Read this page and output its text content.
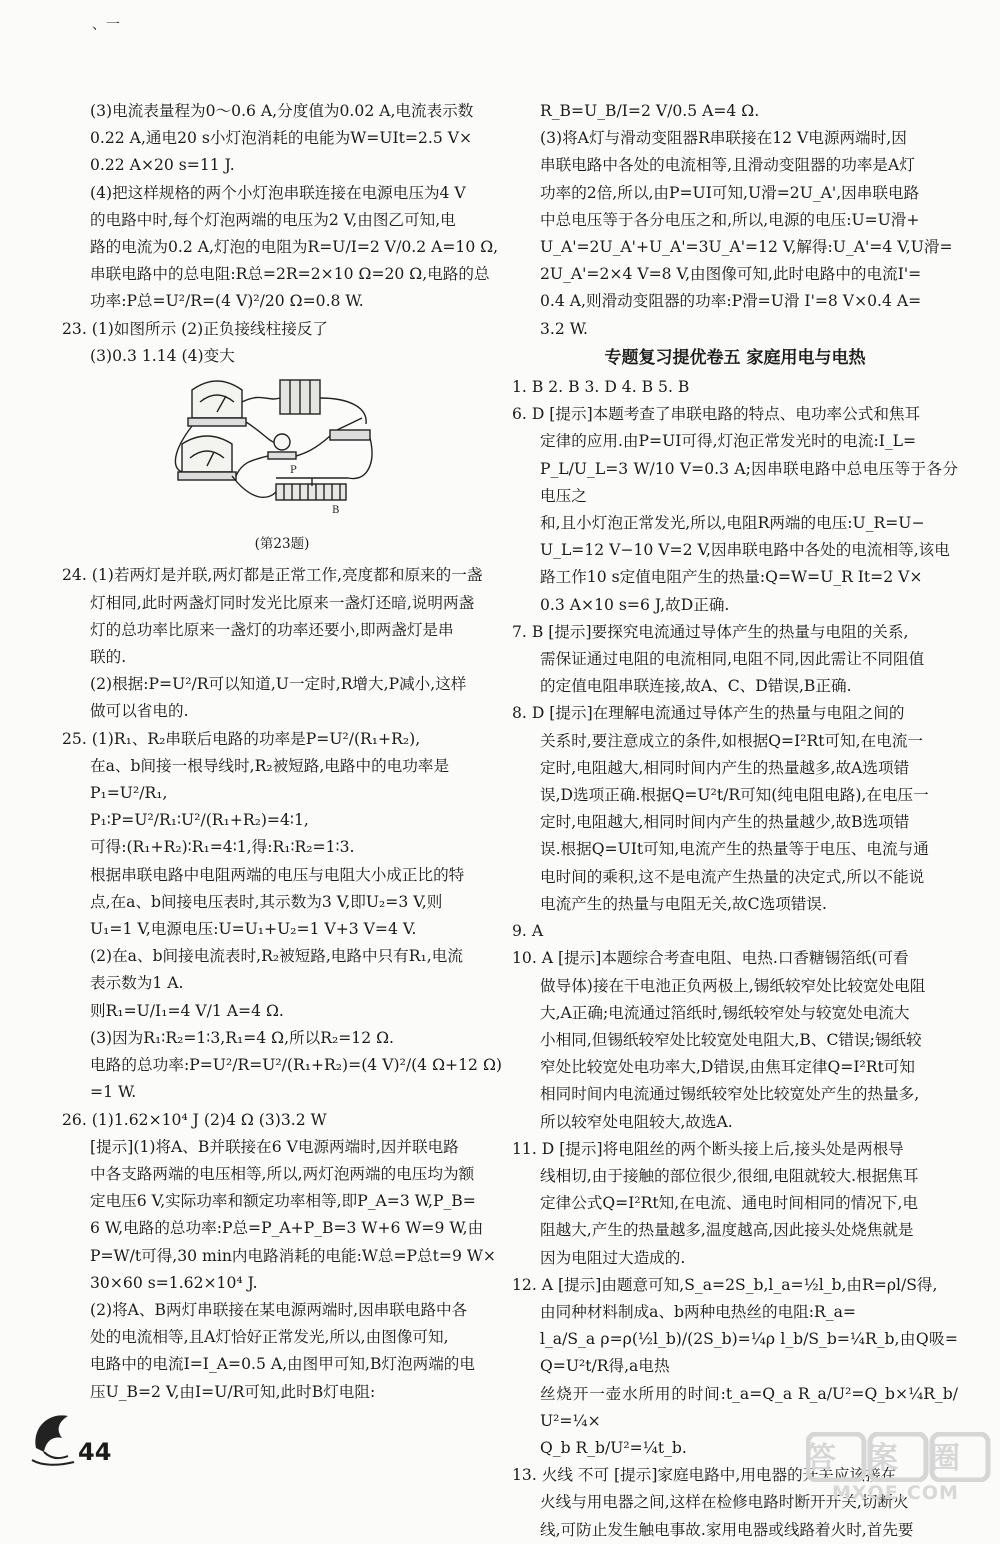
、一

(3)电流表量程为0～0.6 A,分度值为0.02 A,电流表示数

0.22 A,通电20 s小灯泡消耗的电能为W=UIt=2.5 V×

0.22 A×20 s=11 J.

(4)把这样规格的两个小灯泡串联连接在电源电压为4 V

的电路中时,每个灯泡两端的电压为2 V,由图乙可知,电

路的电流为0.2 A,灯泡的电阻为R=U/I=2 V/0.2 A=10 Ω,

串联电路中的总电阻:R总=2R=2×10 Ω=20 Ω,电路的总

功率:P总=U²/R=(4 V)²/20 Ω=0.8 W.

23. (1)如图所示 (2)正负接线柱接反了

(3)0.3 1.14 (4)变大

P
B

(第23题)

24. (1)若两灯是并联,两灯都是正常工作,亮度都和原来的一盏

灯相同,此时两盏灯同时发光比原来一盏灯还暗,说明两盏

灯的总功率比原来一盏灯的功率还要小,即两盏灯是串

联的.

(2)根据:P=U²/R可以知道,U一定时,R增大,P减小,这样

做可以省电的.

25. (1)R₁、R₂串联后电路的功率是P=U²/(R₁+R₂),

在a、b间接一根导线时,R₂被短路,电路中的电功率是

P₁=U²/R₁,

P₁∶P=U²/R₁∶U²/(R₁+R₂)=4∶1,

可得:(R₁+R₂)∶R₁=4∶1,得:R₁∶R₂=1∶3.

根据串联电路中电阻两端的电压与电阻大小成正比的特

点,在a、b间接电压表时,其示数为3 V,即U₂=3 V,则

U₁=1 V,电源电压:U=U₁+U₂=1 V+3 V=4 V.

(2)在a、b间接电流表时,R₂被短路,电路中只有R₁,电流

表示数为1 A.

则R₁=U/I₁=4 V/1 A=4 Ω.

(3)因为R₁∶R₂=1∶3,R₁=4 Ω,所以R₂=12 Ω.

电路的总功率:P=U²/R=U²/(R₁+R₂)=(4 V)²/(4 Ω+12 Ω)=1 W.

26. (1)1.62×10⁴ J (2)4 Ω (3)3.2 W

[提示](1)将A、B并联接在6 V电源两端时,因并联电路

中各支路两端的电压相等,所以,两灯泡两端的电压均为额

定电压6 V,实际功率和额定功率相等,即P_A=3 W,P_B=

6 W,电路的总功率:P总=P_A+P_B=3 W+6 W=9 W,由

P=W/t可得,30 min内电路消耗的电能:W总=P总t=9 W×

30×60 s=1.62×10⁴ J.

(2)将A、B两灯串联接在某电源两端时,因串联电路中各

处的电流相等,且A灯恰好正常发光,所以,由图像可知,

电路中的电流I=I_A=0.5 A,由图甲可知,B灯泡两端的电

压U_B=2 V,由I=U/R可知,此时B灯电阻:

R_B=U_B/I=2 V/0.5 A=4 Ω.

(3)将A灯与滑动变阻器R串联接在12 V电源两端时,因

串联电路中各处的电流相等,且滑动变阻器的功率是A灯

功率的2倍,所以,由P=UI可知,U滑=2U_A',因串联电路

中总电压等于各分电压之和,所以,电源的电压:U=U滑+

U_A'=2U_A'+U_A'=3U_A'=12 V,解得:U_A'=4 V,U滑=

2U_A'=2×4 V=8 V,由图像可知,此时电路中的电流I'=

0.4 A,则滑动变阻器的功率:P滑=U滑 I'=8 V×0.4 A=

3.2 W.

专题复习提优卷五 家庭用电与电热

1. B 2. B 3. D 4. B 5. B

6. D [提示]本题考查了串联电路的特点、电功率公式和焦耳

定律的应用.由P=UI可得,灯泡正常发光时的电流:I_L=

P_L/U_L=3 W/10 V=0.3 A;因串联电路中总电压等于各分电压之

和,且小灯泡正常发光,所以,电阻R两端的电压:U_R=U−

U_L=12 V−10 V=2 V,因串联电路中各处的电流相等,该电

路工作10 s定值电阻产生的热量:Q=W=U_R It=2 V×

0.3 A×10 s=6 J,故D正确.

7. B [提示]要探究电流通过导体产生的热量与电阻的关系,

需保证通过电阻的电流相同,电阻不同,因此需让不同阻值

的定值电阻串联连接,故A、C、D错误,B正确.

8. D [提示]在理解电流通过导体产生的热量与电阻之间的

关系时,要注意成立的条件,如根据Q=I²Rt可知,在电流一

定时,电阻越大,相同时间内产生的热量越多,故A选项错

误,D选项正确.根据Q=U²t/R可知(纯电阻电路),在电压一

定时,电阻越大,相同时间内产生的热量越少,故B选项错

误.根据Q=UIt可知,电流产生的热量等于电压、电流与通

电时间的乘积,这不是电流产生热量的决定式,所以不能说

电流产生的热量与电阻无关,故C选项错误.

9. A

10. A [提示]本题综合考查电阻、电热.口香糖锡箔纸(可看

做导体)接在干电池正负两极上,锡纸较窄处比较宽处电阻

大,A正确;电流通过箔纸时,锡纸较窄处与较宽处电流大

小相同,但锡纸较窄处比较宽处电阻大,B、C错误;锡纸较

窄处比较宽处电功率大,D错误,由焦耳定律Q=I²Rt可知

相同时间内电流通过锡纸较窄处比较宽处产生的热量多,

所以较窄处电阻较大,故选A.

11. D [提示]将电阻丝的两个断头接上后,接头处是两根导

线相切,由于接触的部位很少,很细,电阻就较大.根据焦耳

定律公式Q=I²Rt知,在电流、通电时间相同的情况下,电

阻越大,产生的热量越多,温度越高,因此接头处烧焦就是

因为电阻过大造成的.

12. A [提示]由题意可知,S_a=2S_b,l_a=½l_b,由R=ρl/S得,

由同种材料制成a、b两种电热丝的电阻:R_a=

l_a/S_a ρ=ρ(½l_b)/(2S_b)=¼ρ l_b/S_b=¼R_b,由Q吸=Q=U²t/R得,a电热

丝烧开一壶水所用的时间:t_a=Q_a R_a/U²=Q_b×¼R_b/U²=¼×

Q_b R_b/U²=¼t_b.

13. 火线 不可 [提示]家庭电路中,用电器的开关应该接在

火线与用电器之间,这样在检修电路时断开开关,切断火

线,可防止发生触电事故.家用电器或线路着火时,首先要

44	答案圈
MXQE.COM
